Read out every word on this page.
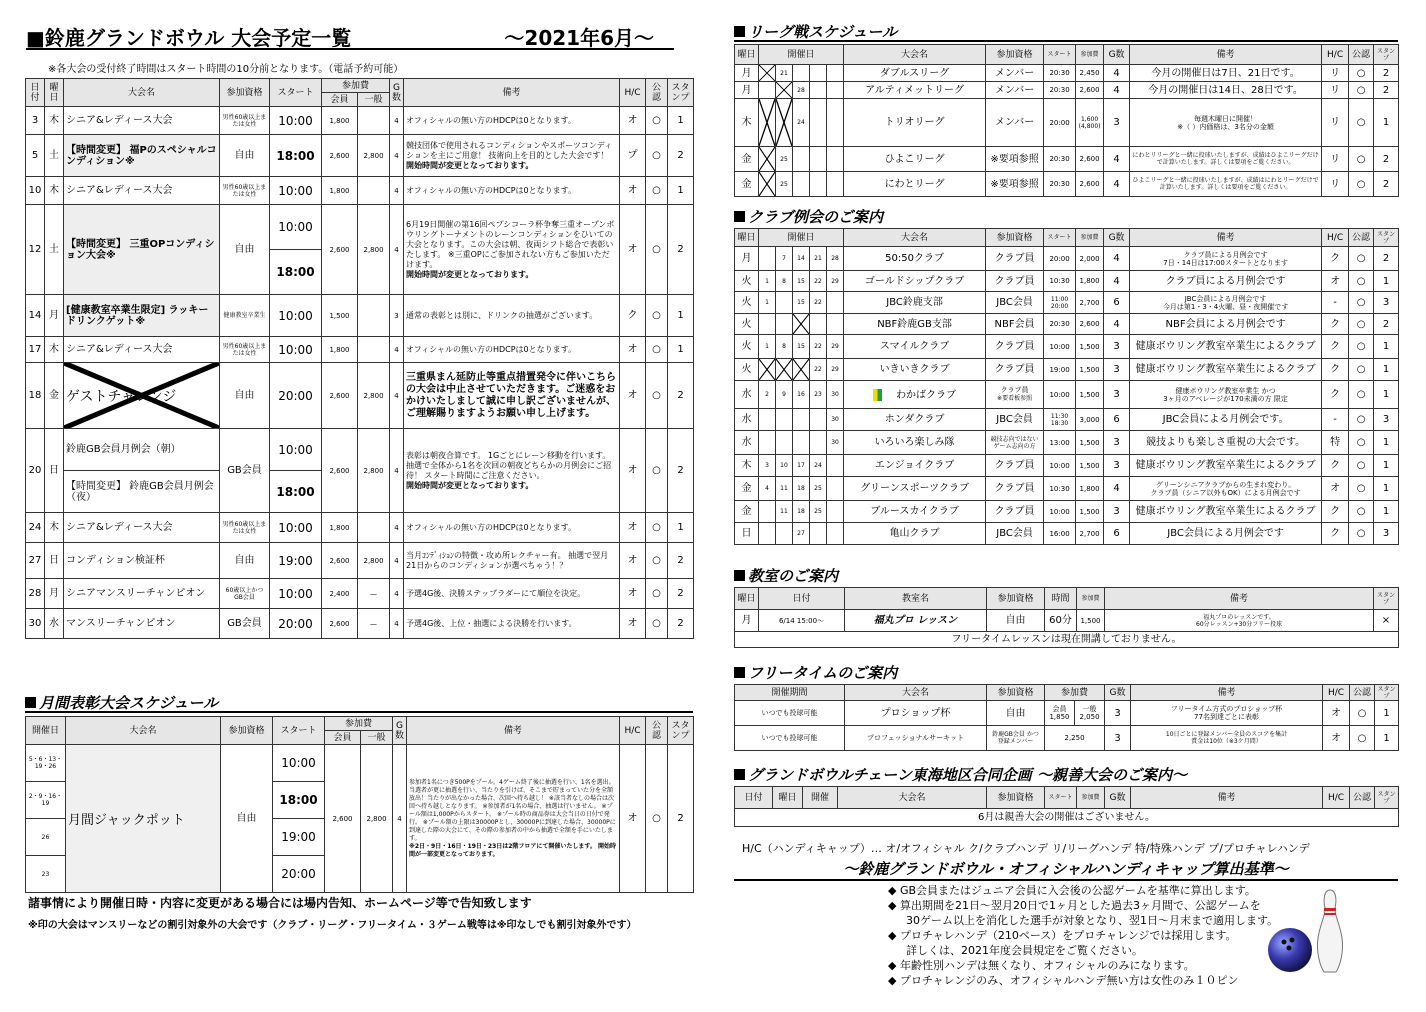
■鈴鹿グランドボウル 大会予定一覧	～2021年6月～
※各大会の受付終了時間はスタート時間の10分前となります。（電話予約可能）
日付	曜日	大会名	参加資格	スタート	参加費		G数	備考	H/C	公認	スタンプ
					会員	一般					
3	木	シニア&レディース大会	男性60歳以上または女性	10:00	1,800		4	オフィシャルの無い方のHDCPは0となります。	オ	○	1
5	土	【時間変更】 福Pのスペシャルコンディション※	自由	18:00	2,600	2,800	4	競技団体で使用されるコンディションやスポーツコンディションを主にご用意！ 技術向上を目的とした大会です！
開始時間が変更となっております。	プ	○	2
10	木	シニア&レディース大会	男性60歳以上または女性	10:00	1,800		4	オフィシャルの無い方のHDCPは0となります。	オ	○	1
12	土	【時間変更】 三重OPコンディション大会※	自由	10:00	2,600	2,800	4	6月19日開催の第16回ペプシコーラ杯争奪三重オープンボウリングトーナメントのレーンコンディションをひいての大会となります。この大会は朝、夜両シフト総合で表彰いたします。 ※三重OPにご参加されない方もご参加いただけます。
開始時間が変更となっております。	オ	○	2
				18:00							
14	月	[健康教室卒業生限定] ラッキードリンクゲット※	健康教室卒業生	10:00	1,500		3	通常の表彰とは別に、ドリンクの抽選がございます。	ク	○	1
17	木	シニア&レディース大会	男性60歳以上または女性	10:00	1,800		4	オフィシャルの無い方のHDCPは0となります。	オ	○	1
18	金	ゲストチャレンジ	自由	20:00	2,600	2,800	4	三重県まん延防止等重点措置発令に伴いこちらの大会は中止させていただきます。ご迷惑をおかけいたしまして誠に申し訳ございませんが、ご理解賜りますようお願い申し上げます。	オ	○	2
20	日	鈴鹿GB会員月例会（朝）	GB会員	10:00	2,600	2,800	4	表彰は朝夜合算です。 1Gごとにレーン移動を行います。 抽選で全体から1名を次回の朝夜どちらかの月例会にご招待！ スタート時間にご注意ください。
開始時間が変更となっております。	オ	○	2
		【時間変更】 鈴鹿GB会員月例会（夜）		18:00							
24	木	シニア&レディース大会	男性60歳以上または女性	10:00	1,800		4	オフィシャルの無い方のHDCPは0となります。	オ	○	1
27	日	コンディション検証杯	自由	19:00	2,600	2,800	4	当月ｺﾝﾃﾞｨｼｮﾝの特徴・攻め所レクチャー有。 抽選で翌月21日からのコンディションが選べちゃう！？	オ	○	2
28	月	シニアマンスリーチャンピオン	60歳以上かつGB会員	10:00	2,400	—	4	予選4G後、決勝ステップラダーにて順位を決定。	オ	○	2
30	水	マンスリーチャンピオン	GB会員	20:00	2,600	—	4	予選4G後、上位・抽選による決勝を行います。	オ	○	2
月間表彰大会スケジュール
開催日	大会名	参加資格	スタート	参加費		G数	備考	H/C	公認	スタンプ
				会員	一般					
5・6・13・19・26	月間ジャックポット	自由	10:00	2,600	2,800	4	参加者1名につき500Pをプール。4ゲーム終了後に抽選を行い、1名を選出。当選者が更に抽選を行い、当たりを引けば、そこまで貯まっていた分を全額放出！当たりが出なかった場合、次回へ持ち越し！ ※該当者なしの場合は次回へ持ち越しとなります。 ※参加者が1名の場合、抽選は行いません。 ※プール額は1,000Pからスタート。 ※プール時の商品券は大会当日の日付で発行。 ※プール額の上限は30000Pとし、30000Pに到達した場合、30000Pに到達した際の大会にて、その際の参加者の中から抽選で全額を手にいたします。
※2日・9日・16日・19日・23日は2階フロアにて開催いたします。 開始時間が一部変更となっております。	オ	○	2
2・9・16・19			18:00							
26			19:00							
23			20:00							
諸事情により開催日時・内容に変更がある場合には場内告知、ホームページ等で告知致します
※印の大会はマンスリーなどの割引対象外の大会です（クラブ・リーグ・フリータイム・３ゲーム戦等は※印なしでも割引対象外です）
リーグ戦スケジュール
曜日	開催日					大会名	参加資格	スタート	参加費	G数	備考	H/C	公認	スタンプ
月		21				ダブルスリーグ	メンバー	20:30	2,450	4	今月の開催日は7日、21日です。	リ	○	2
月			28			アルティメットリーグ	メンバー	20:30	2,600	4	今月の開催日は14日、28日です。	リ	○	2
木			24			トリオリーグ	メンバー	20:00	1,600 (4,800)	3	毎週木曜日に開催！
※（ ）内価格は、3名分の金額	リ	○	1
金		25				ひよこリーグ	※要項参照	20:30	2,600	4	にわとリリーグと一緒に投球いたしますが、成績はひよこリーグだけで計算いたします。詳しくは要項をご覧ください。	リ	○	2
金		25				にわとリーグ	※要項参照	20:30	2,600	4	ひよこリーグと一緒に投球いたしますが、成績はにわとリーグだけで計算いたします。詳しくは要項をご覧ください。	リ	○	2
クラブ例会のご案内
曜日	開催日					大会名	参加資格	スタート	参加費	G数	備考	H/C	公認	スタンプ
月		7	14	21	28	50:50クラブ	クラブ員	20:00	2,000	4	クラブ員による月例会です
7日・14日は17:00スタートとなります	ク	○	2
火	1	8	15	22	29	ゴールドシップクラブ	クラブ員	10:30	1,800	4	クラブ員による月例会です	オ	○	1
火	1		15	22		JBC鈴鹿支部	JBC会員	11:00 20:00	2,700	6	JBC会員による月例会です
今月は第1・3・4火曜、昼・夜開催です	-	○	3
火						NBF鈴鹿GB支部	NBF会員	20:30	2,600	4	NBF会員による月例会です	ク	○	2
火	1	8	15	22	29	スマイルクラブ	クラブ員	10:00	1,500	3	健康ボウリング教室卒業生によるクラブ	ク	○	1
火				22	29	いきいきクラブ	クラブ員	19:00	1,500	3	健康ボウリング教室卒業生によるクラブ	ク	○	1
水	2	9	16	23	30	わかばクラブ	クラブ員
※要看板参照	10:00	1,500	3	健康ボウリング教室卒業生 かつ
3ヶ月のアベレージが170未満の方 限定	ク	○	1
水					30	ホンダクラブ	JBC会員	11:30 18:30	3,000	6	JBC会員による月例会です。	-	○	3
水					30	いろいろ楽しみ隊	競技志向ではないゲーム志向の方	13:00	1,500	3	競技よりも楽しさ重視の大会です。	特	○	1
木	3	10	17	24		エンジョイクラブ	クラブ員	10:00	1,500	3	健康ボウリング教室卒業生によるクラブ	ク	○	1
金	4	11	18	25		グリーンスポーツクラブ	クラブ員	10:30	1,800	4	グリーンシニアクラブからの生まれ変わり。
クラブ員（シニア以外もOK）による月例会です	オ	○	1
金		11	18	25		ブルースカイクラブ	クラブ員	10:00	1,500	3	健康ボウリング教室卒業生によるクラブ	ク	○	1
日			27			亀山クラブ	JBC会員	16:00	2,700	6	JBC会員による月例会です	ク	○	3
教室のご案内
曜日	日付	教室名	参加資格	時間	参加費	備考	スタンプ
月	6/14 15:00～	福丸プロ レッスン	自由	60分	1,500	福丸プロのレッスンです。
60分レッスン+30分フリー投球	×
フリータイムレッスンは現在開講しておりません。							
フリータイムのご案内
開催期間	大会名	参加資格	参加費		G数	備考	H/C	公認	スタンプ
いつでも投球可能	プロショップ杯	自由	会員 1,850	一般 2,050	3	フリータイム方式のプロショップ杯
77名到達ごとに表彰	オ	○	1
いつでも投球可能	プロフェッショナルサーキット	鈴鹿GB会員 かつ 登録メンバー	2,250		3	10日ごとに登録メンバー全員のスコアを集計
賞金は10位（※3ケ月間）	オ	○	1
グランドボウルチェーン東海地区合同企画 ～親善大会のご案内～
日付	曜日	開催	大会名	参加資格	スタート	参加費	G数	備考	H/C	公認	スタンプ
6月は親善大会の開催はございません。
H/C（ハンディキャップ）… オ/オフィシャル ク/クラブハンデ リ/リーグハンデ 特/特殊ハンデ プ/プロチャレハンデ
～鈴鹿グランドボウル・オフィシャルハンディキャップ算出基準～
◆ GB会員またはジュニア会員に入会後の公認ゲームを基準に算出します。
◆ 算出期間を21日～翌月20日で1ヶ月とした過去3ヶ月間で、公認ゲームを
30ゲーム以上を消化した選手が対象となり、翌1日～月末まで適用します。
◆ プロチャレハンデ（210ベース）をプロチャレンジでは採用します。
詳しくは、2021年度会員規定をご覧ください。
◆ 年齢性別ハンデは無くなり、オフィシャルのみになります。
◆ プロチャレンジのみ、オフィシャルハンデ無い方は女性のみ１０ピン
